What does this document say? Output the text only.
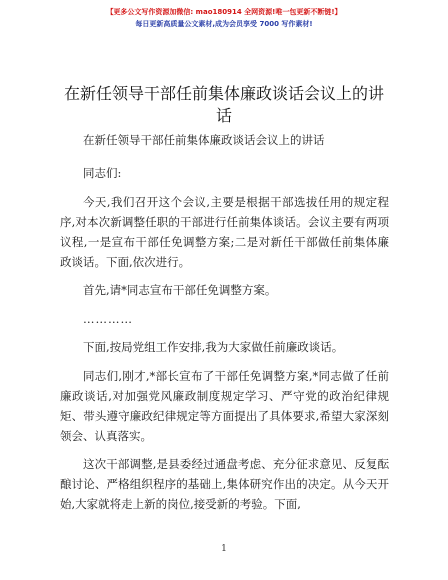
【更多公文写作资源加微信: mao180914 全网资源!唯一包更新不断链!】
每日更新高质量公文素材,成为会员享受 7000 写作素材!
在新任领导干部任前集体廉政谈话会议上的讲话

在新任领导干部任前集体廉政谈话会议上的讲话

同志们:

今天,我们召开这个会议,主要是根据干部选拔任用的规定程序,对本次新调整任职的干部进行任前集体谈话。会议主要有两项议程,一是宣布干部任免调整方案;二是对新任干部做任前集体廉政谈话。下面,依次进行。

首先,请*同志宣布干部任免调整方案。

…………

下面,按局党组工作安排,我为大家做任前廉政谈话。

同志们,刚才,*部长宣布了干部任免调整方案,*同志做了任前廉政谈话,对加强党风廉政制度规定学习、严守党的政治纪律规矩、带头遵守廉政纪律规定等方面提出了具体要求,希望大家深刻领会、认真落实。

这次干部调整,是县委经过通盘考虑、充分征求意见、反复酝酿讨论、严格组织程序的基础上,集体研究作出的决定。从今天开始,大家就将走上新的岗位,接受新的考验。下面,

1
